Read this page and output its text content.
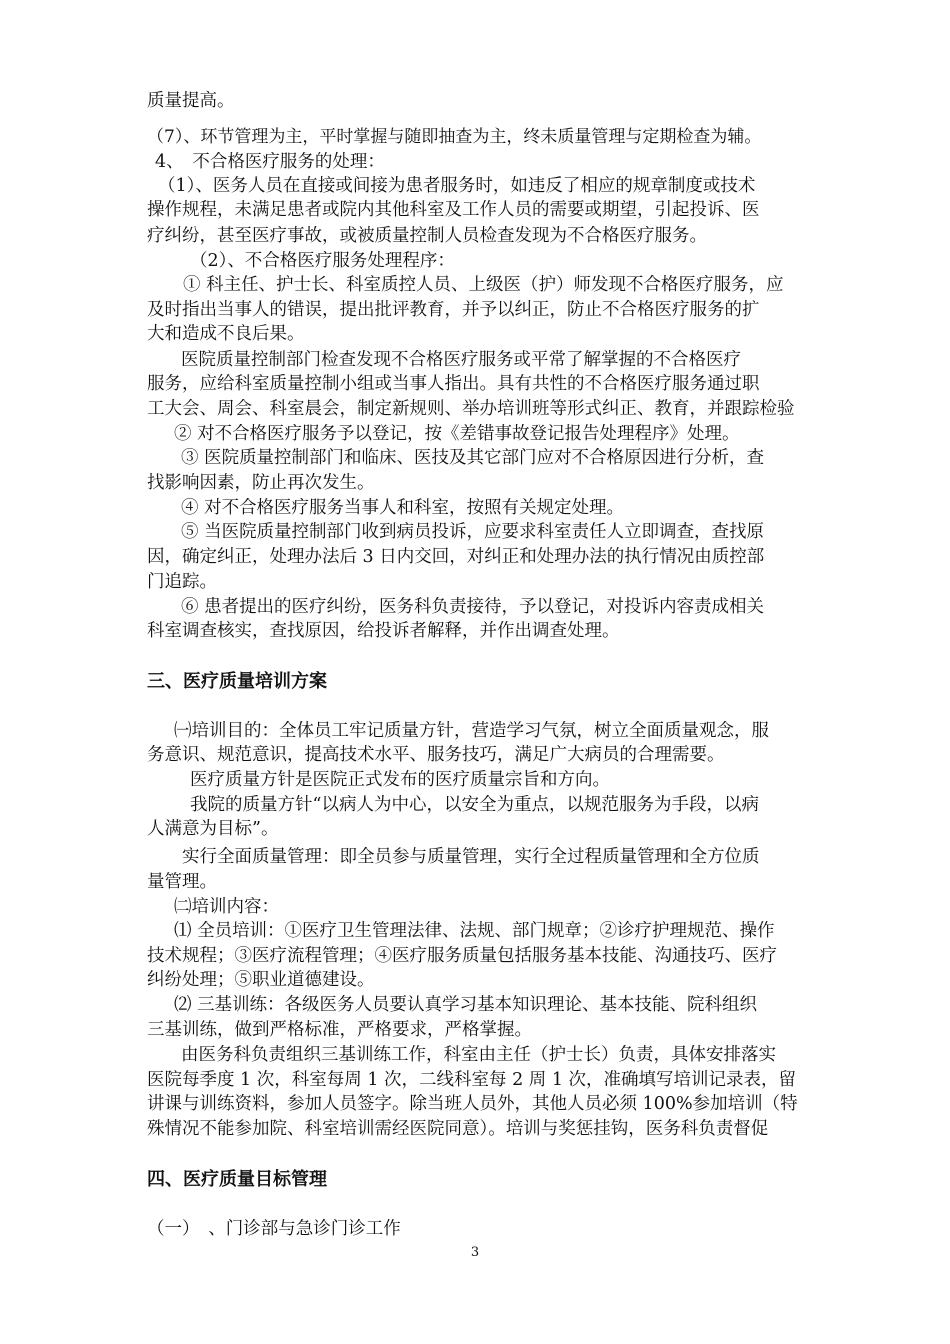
质量提高。
（7）、环节管理为主，平时掌握与随即抽查为主，终未质量管理与定期检查为辅。
4、　不合格医疗服务的处理：
（1）、医务人员在直接或间接为患者服务时，如违反了相应的规章制度或技术
操作规程，未满足患者或院内其他科室及工作人员的需要或期望，引起投诉、医
疗纠纷，甚至医疗事故，或被质量控制人员检查发现为不合格医疗服务。
（2）、不合格医疗服务处理程序：
① 科主任、护士长、科室质控人员、上级医（护）师发现不合格医疗服务，应
及时指出当事人的错误，提出批评教育，并予以纠正，防止不合格医疗服务的扩
大和造成不良后果。
医院质量控制部门检查发现不合格医疗服务或平常了解掌握的不合格医疗
服务，应给科室质量控制小组或当事人指出。具有共性的不合格医疗服务通过职
工大会、周会、科室晨会，制定新规则、举办培训班等形式纠正、教育，并跟踪检验
② 对不合格医疗服务予以登记，按《差错事故登记报告处理程序》处理。
③ 医院质量控制部门和临床、医技及其它部门应对不合格原因进行分析，查
找影响因素，防止再次发生。
④ 对不合格医疗服务当事人和科室，按照有关规定处理。
⑤ 当医院质量控制部门收到病员投诉，应要求科室责任人立即调查，查找原
因，确定纠正，处理办法后 3 日内交回，对纠正和处理办法的执行情况由质控部
门追踪。
⑥ 患者提出的医疗纠纷，医务科负责接待，予以登记，对投诉内容责成相关
科室调查核实，查找原因，给投诉者解释，并作出调查处理。
三、医疗质量培训方案
㈠培训目的：全体员工牢记质量方针，营造学习气氛，树立全面质量观念，服
务意识、规范意识，提高技术水平、服务技巧，满足广大病员的合理需要。
医疗质量方针是医院正式发布的医疗质量宗旨和方向。
我院的质量方针“以病人为中心，以安全为重点，以规范服务为手段，以病
人满意为目标”。
实行全面质量管理：即全员参与质量管理，实行全过程质量管理和全方位质
量管理。
㈡培训内容：
⑴ 全员培训：①医疗卫生管理法律、法规、部门规章；②诊疗护理规范、操作
技术规程；③医疗流程管理；④医疗服务质量包括服务基本技能、沟通技巧、医疗
纠纷处理；⑤职业道德建设。
⑵ 三基训练：各级医务人员要认真学习基本知识理论、基本技能、院科组织
三基训练，做到严格标准，严格要求，严格掌握。
由医务科负责组织三基训练工作，科室由主任（护士长）负责，具体安排落实
医院每季度 1 次，科室每周 1 次，二线科室每 2 周 1 次，准确填写培训记录表，留
讲课与训练资料，参加人员签字。除当班人员外，其他人员必须 100%参加培训（特
殊情况不能参加院、科室培训需经医院同意）。培训与奖惩挂钩，医务科负责督促
四、医疗质量目标管理
（一）　、门诊部与急诊门诊工作
3
